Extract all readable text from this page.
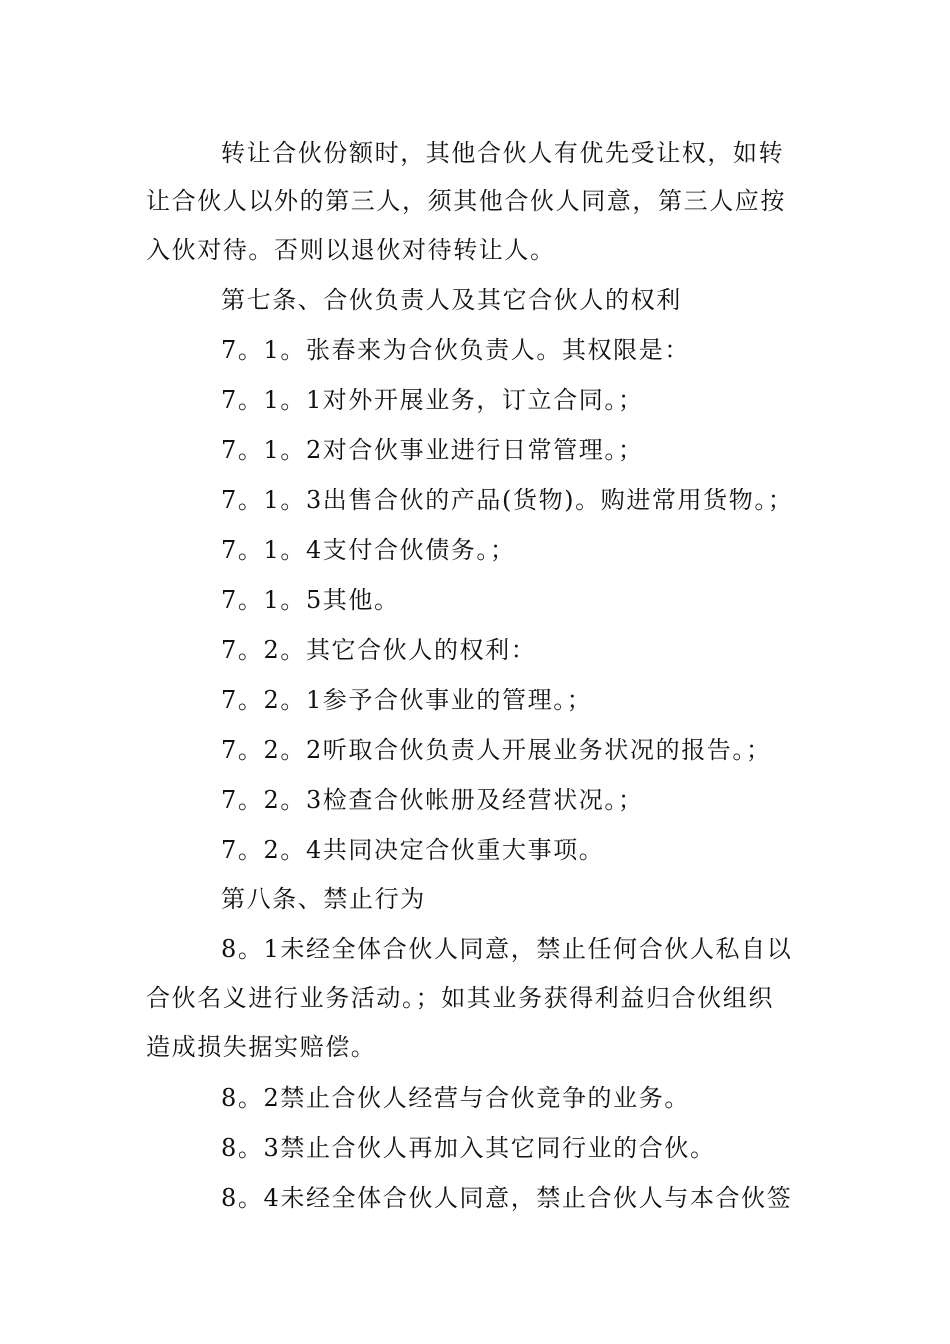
转让合伙份额时，其他合伙人有优先受让权，如转
让合伙人以外的第三人，须其他合伙人同意，第三人应按
入伙对待。否则以退伙对待转让人。
第七条、合伙负责人及其它合伙人的权利
7。1。张春来为合伙负责人。其权限是：
7。1。1对外开展业务，订立合同。；
7。1。2对合伙事业进行日常管理。；
7。1。3出售合伙的产品(货物)。购进常用货物。；
7。1。4支付合伙债务。；
7。1。5其他。
7。2。其它合伙人的权利：
7。2。1参予合伙事业的管理。；
7。2。2听取合伙负责人开展业务状况的报告。；
7。2。3检查合伙帐册及经营状况。；
7。2。4共同决定合伙重大事项。
第八条、禁止行为
8。1未经全体合伙人同意，禁止任何合伙人私自以
合伙名义进行业务活动。；如其业务获得利益归合伙组织
造成损失据实赔偿。
8。2禁止合伙人经营与合伙竞争的业务。
8。3禁止合伙人再加入其它同行业的合伙。
8。4未经全体合伙人同意，禁止合伙人与本合伙签
